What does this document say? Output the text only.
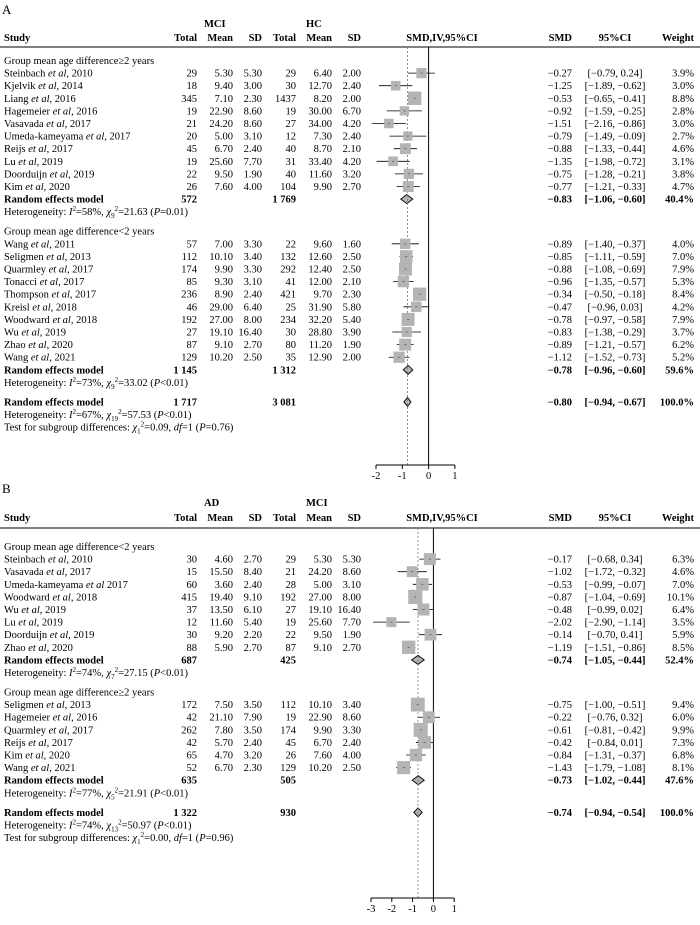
A
MCI	HC
Study	Total Mean SD Total Mean SD	SMD,IV,95%CI	SMD	95%CI	Weight
Group mean age difference≥2 years
Steinbach et al, 2010	29 5.30 5.30 29 6.40 2.00	−0.27 [−0.79, 0.24]	3.9%
Kjelvik et al, 2014	18 9.40 3.00 30 12.70 2.40	−1.25 [−1.89, −0.62]	3.0%
Liang et al, 2016	345 7.10 2.30 1437 8.20 2.00	−0.53 [−0.65, −0.41]	8.8%
Hagemeier et al, 2016	19 22.90 8.60 19 30.00 6.70	−0.92 [−1.59, −0.25]	2.8%
Vasavada et al, 2017	21 24.20 8.60 27 34.00 4.20	−1.51 [−2.16, −0.86]	3.0%
Umeda-kameyama et al, 2017	20 5.00 3.10 12 7.30 2.40	−0.79 [−1.49, −0.09]	2.7%
Reijs et al, 2017	45 6.70 2.40 40 8.70 2.10	−0.88 [−1.33, −0.44]	4.6%
Lu et al, 2019	19 25.60 7.70 31 33.40 4.20	−1.35 [−1.98, −0.72]	3.1%
Doorduijn et al, 2019	22 9.50 1.90 40 11.60 3.20	−0.75 [−1.28, −0.21]	3.8%
Kim et al, 2020	26 7.60 4.00 104 9.90 2.70	−0.77 [−1.21, −0.33]	4.7%
Random effects model	572	1 769	−0.83 [−1.06, −0.60] 40.4%
Heterogeneity: $I^2=58\%$, $\chi_9^2=21.63$ (P=0.01)
Group mean age difference<2 years
Wang et al, 2011	57 7.00 3.30 22 9.60 1.60	−0.89 [−1.40, −0.37]	4.0%
Seligmen et al, 2013	112 10.10 3.40 132 12.60 2.50	−0.85 [−1.11, −0.59]	7.0%
Quarmley et al, 2017	174 9.90 3.30 292 12.40 2.50	−0.88 [−1.08, −0.69]	7.9%
Tonacci et al, 2017	85 9.30 3.10 41 12.00 2.10	−0.96 [−1.35, −0.57]	5.3%
Thompson et al, 2017	236 8.90 2.40 421 9.70 2.30	−0.34 [−0.50, −0.18]	8.4%
Kreisl et al, 2018	46 29.00 6.40 25 31.90 5.80	−0.47 [−0.96, 0.03]	4.2%
Woodward et al, 2018	192 27.00 8.00 234 32.20 5.40	−0.78 [−0.97, −0.58]	7.9%
Wu et al, 2019	27 19.10 16.40 30 28.80 3.90	−0.83 [−1.38, −0.29]	3.7%
Zhao et al, 2020	87 9.10 2.70 80 11.20 1.90	−0.89 [−1.21, −0.57]	6.2%
Wang et al, 2021	129 10.20 2.50 35 12.90 2.00	−1.12 [−1.52, −0.73]	5.2%
Random effects model	1 145	1 312	−0.78 [−0.96, −0.60] 59.6%
Heterogeneity: $I^2=73\%$, $\chi_9^2=33.02$ (P<0.01)
Random effects model	1 717	3 081	−0.80 [−0.94, −0.67] 100.0%
Heterogeneity: $I^2=67\%$, $\chi_{19}^2=57.53$ (P<0.01)
Test for subgroup differences: $\chi_1^2=0.09$, df=1 (P=0.76)
-2 -1 0 1
B
AD	MCI
Study	Total Mean SD Total Mean SD	SMD,IV,95%CI	SMD	95%CI	Weight
Group mean age difference<2 years
Steinbach et al, 2010	30 4.60 2.70 29 5.30 5.30	−0.17 [−0.68, 0.34]	6.3%
Vasavada et al, 2017	15 15.50 8.40 21 24.20 8.60	−1.02 [−1.72, −0.32]	4.6%
Umeda-kameyama et al 2017	60 3.60 2.40 28 5.00 3.10	−0.53 [−0.99, −0.07]	7.0%
Woodward et al, 2018	415 19.40 9.10 192 27.00 8.00	−0.87 [−1.04, −0.69] 10.1%
Wu et al, 2019	37 13.50 6.10 27 19.10 16.40	−0.48 [−0.99, 0.02]	6.4%
Lu et al, 2019	12 11.60 5.40 19 25.60 7.70	−2.02 [−2.90, −1.14]	3.5%
Doorduijn et al, 2019	30 9.20 2.20 22 9.50 1.90	−0.14 [−0.70, 0.41]	5.9%
Zhao et al, 2020	88 5.90 2.70 87 9.10 2.70	−1.19 [−1.51, −0.86]	8.5%
Random effects model	687	425	−0.74 [−1.05, −0.44] 52.4%
Heterogeneity: $I^2=74\%$, $\chi_7^2=27.15$ (P<0.01)
Group mean age difference≥2 years
Seligmen et al, 2013	172 7.50 3.50 112 10.10 3.40	−0.75 [−1.00, −0.51]	9.4%
Hagemeier et al, 2016	42 21.10 7.90 19 22.90 8.60	−0.22 [−0.76, 0.32]	6.0%
Quarmley et al, 2017	262 7.80 3.50 174 9.90 3.30	−0.61 [−0.81, −0.42]	9.9%
Reijs et al, 2017	42 5.70 2.40 45 6.70 2.40	−0.42 [−0.84, 0.01]	7.3%
Kim et al, 2020	65 4.70 3.20 26 7.60 4.00	−0.84 [−1.31, −0.37]	6.8%
Wang et al, 2021	52 6.70 2.30 129 10.20 2.50	−1.43 [−1.79, −1.08]	8.1%
Random effects model	635	505	−0.73 [−1.02, −0.44] 47.6%
Heterogeneity: $I^2=77\%$, $\chi_5^2=21.91$ (P<0.01)
Random effects model	1 322	930	−0.74 [−0.94, −0.54] 100.0%
Heterogeneity: $I^2=74\%$, $\chi_{13}^2=50.97$ (P<0.01)
Test for subgroup differences: $\chi_1^2=0.00$, df=1 (P=0.96)
-3 -2 -1 0 1
